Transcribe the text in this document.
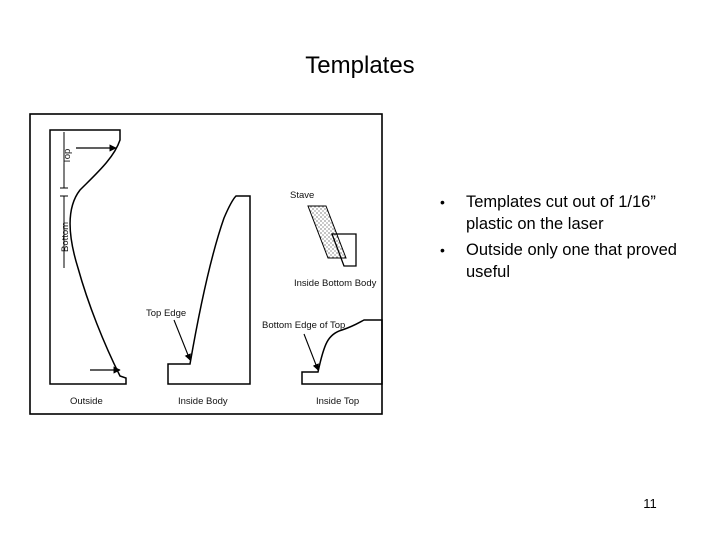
Templates
Top
Bottom
Outside
Top Edge
Inside Body
Stave
Inside Bottom Body
Bottom Edge of Top
Inside Top
• Templates cut out of 1/16” plastic on the laser
• Outside only one that proved useful
11
